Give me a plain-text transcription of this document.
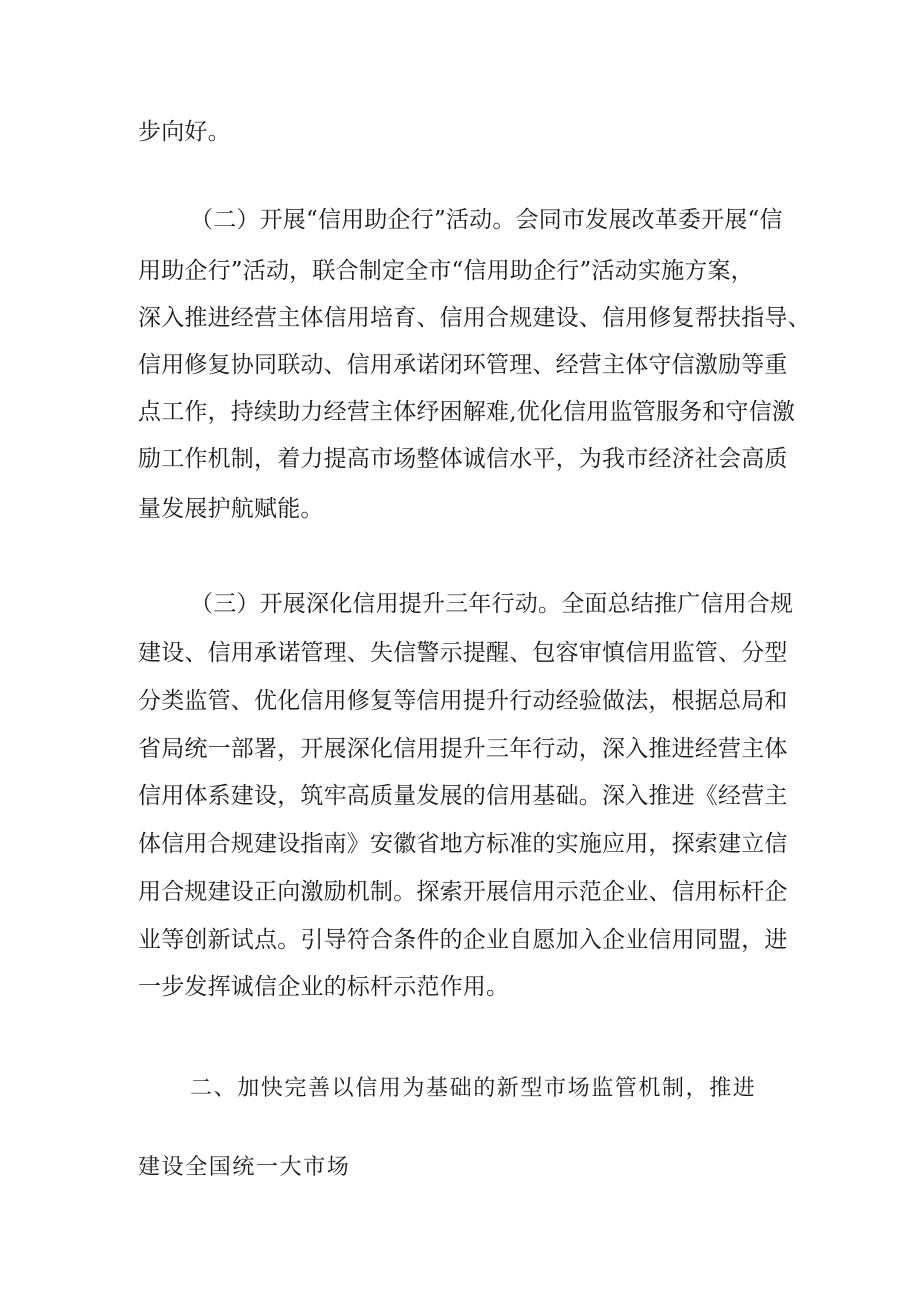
步向好。
（二）开展“信用助企行”活动。会同市发展改革委开展“信
用助企行”活动，联合制定全市“信用助企行”活动实施方案，
深入推进经营主体信用培育、信用合规建设、信用修复帮扶指导、
信用修复协同联动、信用承诺闭环管理、经营主体守信激励等重
点工作，持续助力经营主体纾困解难,优化信用监管服务和守信激
励工作机制，着力提高市场整体诚信水平，为我市经济社会高质
量发展护航赋能。
（三）开展深化信用提升三年行动。全面总结推广信用合规
建设、信用承诺管理、失信警示提醒、包容审慎信用监管、分型
分类监管、优化信用修复等信用提升行动经验做法，根据总局和
省局统一部署，开展深化信用提升三年行动，深入推进经营主体
信用体系建设，筑牢高质量发展的信用基础。深入推进《经营主
体信用合规建设指南》安徽省地方标准的实施应用，探索建立信
用合规建设正向激励机制。探索开展信用示范企业、信用标杆企
业等创新试点。引导符合条件的企业自愿加入企业信用同盟，进
一步发挥诚信企业的标杆示范作用。
二、加快完善以信用为基础的新型市场监管机制，推进
建设全国统一大市场
